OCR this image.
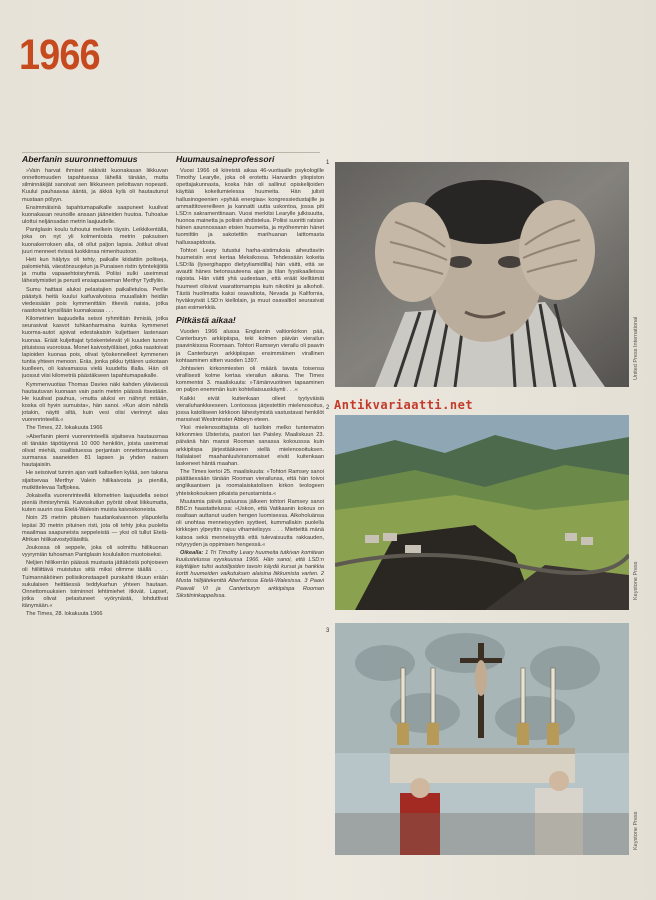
1966
Aberfanin suuronnettomuus

»Vain harvat ihmiset näkivät kuonakasan liikkuvan onnettomuuden tapahtuessa lähellä tänään, mutta silminnäkijät sanoivat sen liikkuneen pelottavan nopeasti. Kuului pauhaavaa ääntä, ja äkkiä kylä oli hautautunut mustaan pölyyn.

Ensimmäisinä tapahtumapaikalle saapuneet kuulivat kuonakasan reunoille ansaan jääneiden huutoa. Tuhoalue ulottui neljänsadan metrin laajuudelle.

Pantglasin koulu tuhoutui melkein täysin. Leikkikentällä, joka on nyt yli kolmentoista metrin paksuisen kuonakerroksen alla, oli ollut paljon lapsia. Joitkut olivat juuri menneet rivissä luokkiinsa nimenhuutoon.

Heti kun hälytys oli tehty, paikalle kiidattiin poliiseja, palomiehiä, väestönsuojelun ja Punaisen ristin työntekijöitä ja mutta vapaaehtoisryhmiä. Poliisi sulki useimmat lähestymistiet ja perusti ensiapuaseman Merthyr Tydfyliin.

Sumu haittasi aluksi pelastajien paikalletuloa. Perille päästyä heitä kuului kaifuvalvoissa muuallakin heidän viedessään pois kymmenittäin itkeviä naisia, jotka raastoivat kynsillään kuonakasaa . . .

Kilometrien laajuudella seisoi ryhmittäin ihmisiä, jotka seurasivat kasvot tuhkanharmaina kuinka kymmenet kuorma-autot ajoivat edestakaisin kuljettaen lastenaan kuonaa. Eräät kuljettajat työskentelevät yli kuuden tunnin pituisissa vuoroissa. Monet kaivostyöläiset, jotka raastoivat lapioiden kuonaa pois, olivat työskennelleet kymmenen tuntia yhteen menoon. Eräs, jonka pikku tyttären uskotaan kuolleen, oli kaivamassa vielä kuudelta illalla. Hän oli juossut viisi kilometriä päästäkseen tapahtumapaikalle.

Kymmenvuotias Thomas Davies näki kahden yläväessä hautautuvan kuonaan vain parin metrin päässä itsestään. He kuulivat pauhua, »mutta aluksi en nähnyt mitään, koska oli hyvin sumuista«, hän sanoi. »Kun aloin nähdä jotakin, näytti siltä, kuin vesi olisi vierinnyt alas vuorenrinteellä.«

The Times, 22. lokakuuta 1966

»Aberfanin piemi vuorenrinteellä sijaitseva hautausmaa oli tänään täpötäynnä 10 000 henkilön, joista useimmat olivat miehiä, osallistuessa perjantain onnettomuudessa surmansa saaneiden 81 lapsen ja yhden naisen hautajaisiin.

He seisoivat tunnin ajan vaiti kaltaellen kylää, sen takana sijaitsevaa Merthyr Valein hiilikaivosta ja pienillä, mutkittelevaa Taffjokea.

Jokaisella vuorenrinteellä kilometrien laajuudella seisoi pieniä ihmisryhmiä. Kaivoskuilun pyörät olivat liikkumatta, kuten suurin osa Etelä-Walesin muista kaivoskoneista.

Noin 25 metrin pituisen haudankaivannon yläpuolella lepäsi 30 metrin pituinen risti, jota oli tehty joka puolelta maailmaa saapuneista seppeleistä — yksi oli tullut Etelä-Afrikan hiilikaivostyöläisiltä.

Joukossa oli seppele, joka oli solmittu hiilikuonan vyyrymiän tuhoaman Pantglasin koululaiton muotoiseksi.

Neljien hiilikerrän päässä mustasta jättäköstä pohjoiseen oli hiiliittävä muistutus siitä miksi olimme täällä . . . Tuimannäköinen poliisikonstaapeli purskahti itkuun erään sukulaisen heittäessä teddykarhun yhteen hautaan. Onnettomuuksien toiminnot lehtimiehet itkivät. Lapset, jotka olivat pelastuneet vyörynästä, lohduttivat itänymään.«

The Times, 28. lokakuuta 1966

Huumausaineprofessori

Vuosi 1966 oli kiireistä aikaa 46-vuotiaalle psykologille Timothy Learylle, joka oli erotettu Harvardin yliopiston opettajakunnasta, koska hän oli sallinut opiskelijoiden käyttää kokeilumielessa huumeita. Hän julisti hallusinogeenien »pyhää energiaa« kongressiedustajille ja ammattitovereilleen ja kannatti uutta uskontoa, jossa piti LSD:n sakramenttinaan. Vuosi merkitsi Learylle julkisuutta, huonoa mainetta ja poliisin ahdistelua. Poliisi suoritti ratsian hänen asunnossaan etsien huumeita, ja myöhemmin hänet tuomittiin ja sakotettiin marihuanan laittomasta hallussapidosta.

Tohtori Leary tutustui harha-aistimuksia aiheuttaviin huumeisiin ensi kertaa Meksikossa. Tehdessään kokeita LSD:llä (lysergihappo dietyyliamidilla) hän väitti, että se avautti hänes betonsuuteena ajan ja tilan fyysikaalleissa rajoista. Hän väitti yhä uudestaan, että eräät kielltämät huumeet olisivat vaarattomampia kuin nikotiini ja alkoholi. Tästä huolimatta kaksi osavaltiota, Nevada ja Kalifornia, hyväksyivät LSD:n kiellolain, ja muut osavaltiot seurasivat pian esimerkkiä.

Pitkästä aikaa!

Vuoden 1966 alussa Englannin valtionkirkon pää, Canterburyn arkkipiispa, teki kolmen päivän vierailun paavinkisssa Roomaan. Tohtori Ramseyn vierailu oli paavin ja Canterburyn arkkipiispan ensimmäinen virallinen kohtaaminen sitten vuoden 1397.

Johtavien kirkonmiesten oli määrä tavata toisensa virallisesti kolme kertaa vierailun aikana. The Times kommentoi 3. maaliskuuta: »Tämänvuotinen tapaaminen on paljon enemmän kuin kohteliaisuuskäynti . . .«

Kaikki eivät kuitenkaan olleet tyytyväisiä vierailuhankkeeseen. Lontoossa järjestettiin mielenosoitus, jossa katoliiseen kirkkoon lähestymistä vastustavat henkilöt marssivat Westminster Abbeyn eteen.

Yksi mielenosoittajista oli tuolloin melko tuntematon kirkonmies Ulsterista, pastori Ian Paisley. Maaliskuun 23. päivänä hän marssi Rooman sanassa kokousssa kuin arkkipiispa järjestääkseen siellä mielenosoituksen. Italialaiset maahanluulviranomaiset eivät kuitenkaan laskeneet häntä maahan.

The Times kertoi 25. maaliskuuta: »Tohtori Ramsey sanoi päättäessään tänään Rooman vierailunsa, että hän toivoi anglikaanisen ja roomalaiskatolisen kirkon teologeen yhteiskokouksen pikaista perustamista.«

Muutamia päiviä paluunsa jälkeen tohtori Ramsey sanoi BBC:n haastattelussa: »Uskon, että Vatikaanin kokous on osaltaan auttanut uuden hengen luomisessa. Alkoholuänsa oli unohtaa menneisyyden syytteet, kummallakin puolella kirkkojen ylpeyttin rajuu vihamielisyys . . . Mietteittä mänä katsoa sekä menneisyyttä että tulevaisuutta rakkauden, nöyryyden ja oppimisen hengessä.«

Oikealla: 1 Tri Timothy Leary huumeita tutkivan komitean kuulustelussa syyskuussa 1966. Hän sanoi, että LSD:n käyttäjien tulisi autoilijoiden tavoin käydä kursai ja hankkia kortti huumeiden vaikutuksen alaisina liikkumista varten. 2 Musta hiilijätekenttä Aberfanissa Etelä-Walesissa. 3 Paavi Paavali VI ja Canterburyn arkkipiispa Rooman Sikstiininkappelissa.

1
2
3
United Press International
Antikvariaatti.net
Keystone Press
Keystone Press
